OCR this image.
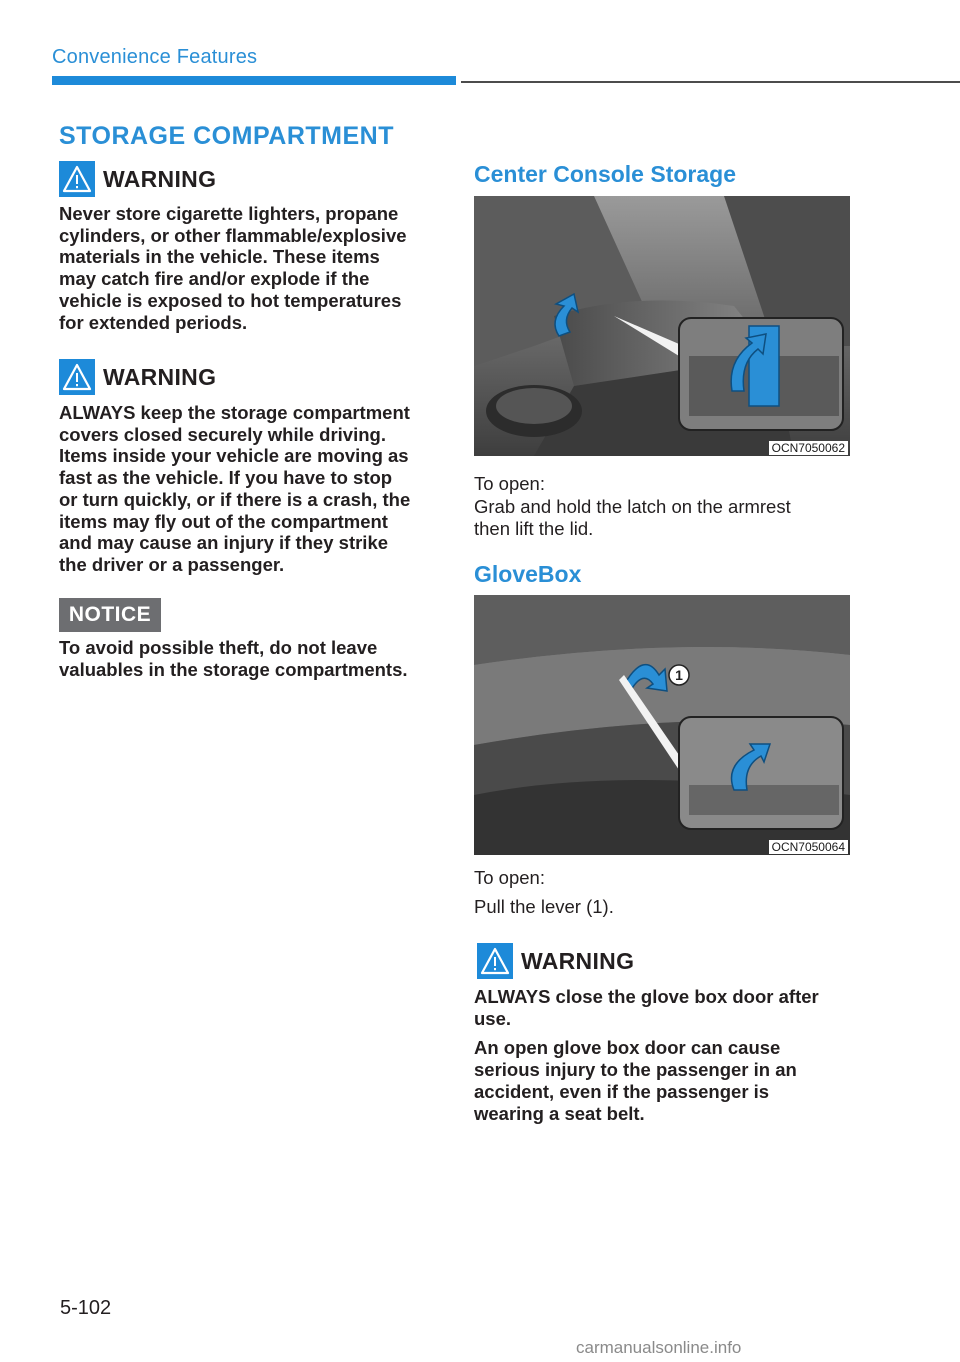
Convenience Features
STORAGE COMPARTMENT
WARNING
Never store cigarette lighters, propane
cylinders, or other flammable/explosive
materials in the vehicle. These items
may catch fire and/or explode if the
vehicle is exposed to hot temperatures
for extended periods.
WARNING
ALWAYS keep the storage compartment
covers closed securely while driving.
Items inside your vehicle are moving as
fast as the vehicle. If you have to stop
or turn quickly, or if there is a crash, the
items may fly out of the compartment
and may cause an injury if they strike
the driver or a passenger.
NOTICE
To avoid possible theft, do not leave
valuables in the storage compartments.
Center Console Storage
OCN7050062
To open:
Grab and hold the latch on the armrest
then lift the lid.
GloveBox
1
OCN7050064
To open:
Pull the lever (1).
WARNING
ALWAYS close the glove box door after
use.
An open glove box door can cause
serious injury to the passenger in an
accident, even if the passenger is
wearing a seat belt.
5-102
carmanualsonline.info
